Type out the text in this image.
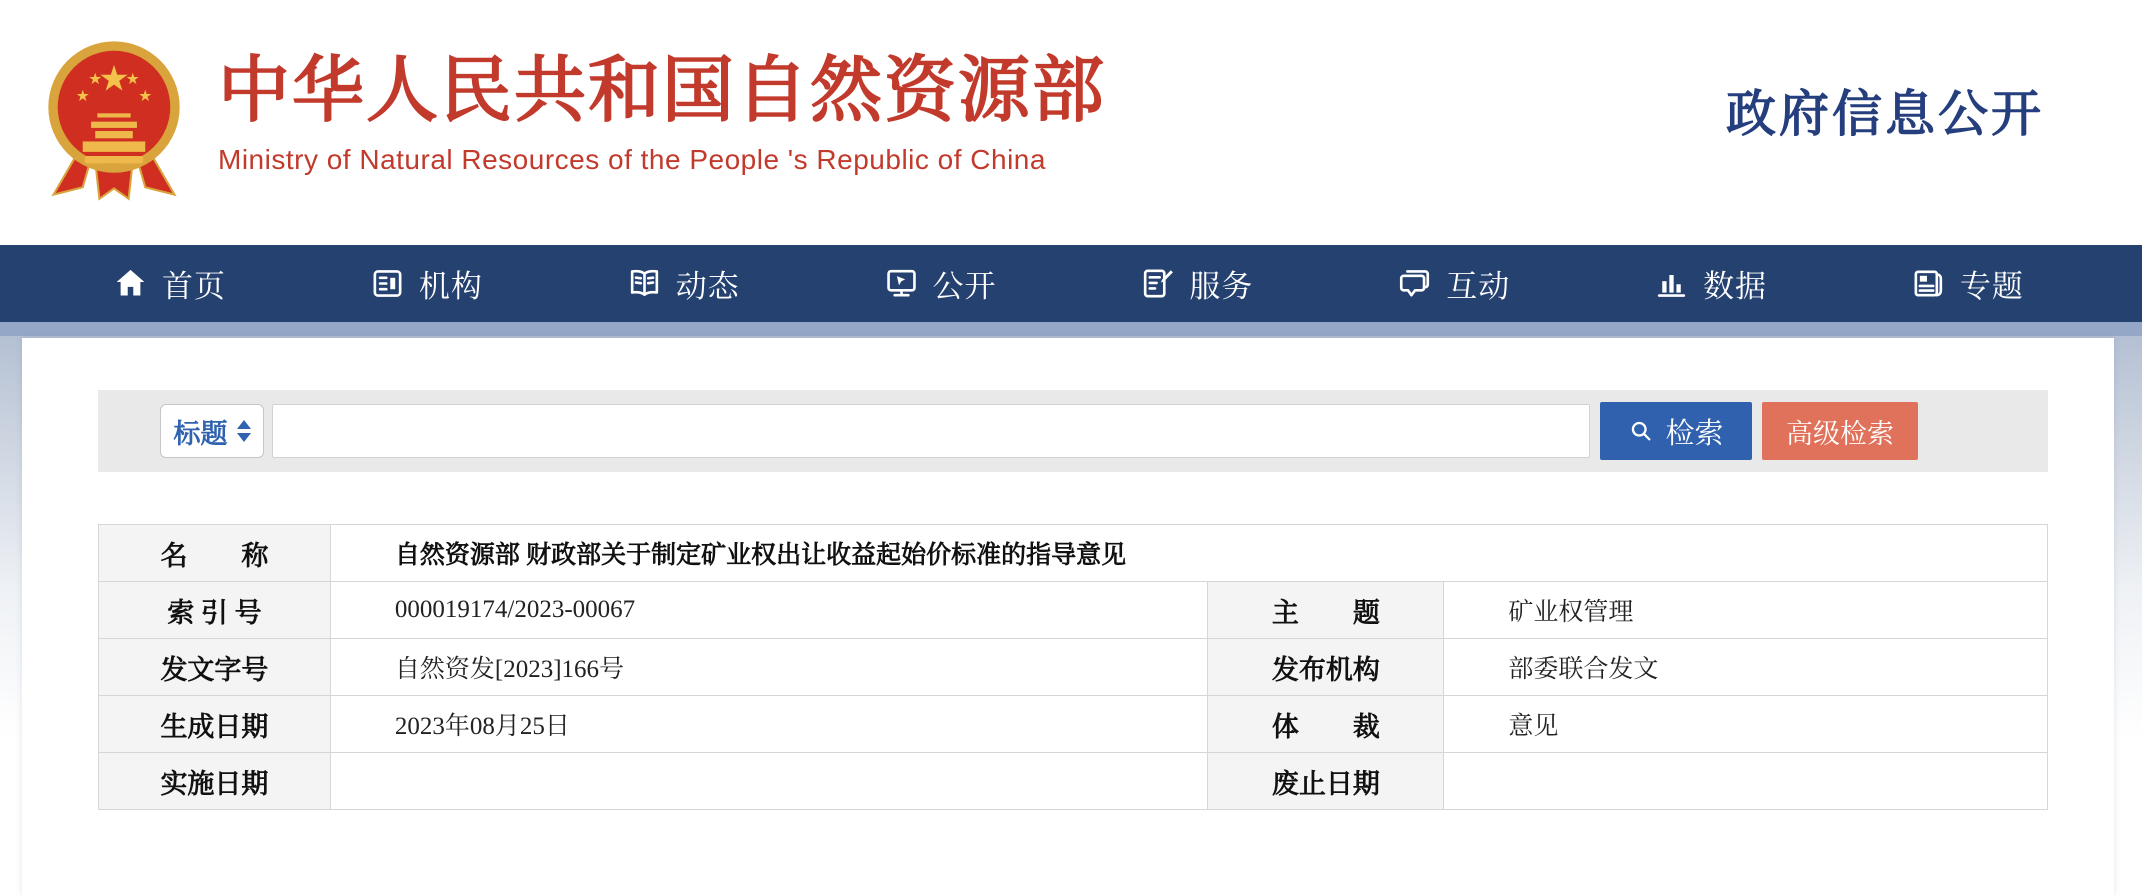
★
★
★ ★
★ 中华人民共和国自然资源部
Ministry of Natural Resources of the People 's Republic of China
政府信息公开
首页	机构	动态	公开	服务	互动	数据	专题
标题	检索 高级检索
名　　称	自然资源部 财政部关于制定矿业权出让收益起始价标准的指导意见		
索 引 号	000019174/2023-00067	主　　题	矿业权管理
发文字号	自然资发[2023]166号	发布机构	部委联合发文
生成日期	2023年08月25日	体　　裁	意见
实施日期		废止日期	
